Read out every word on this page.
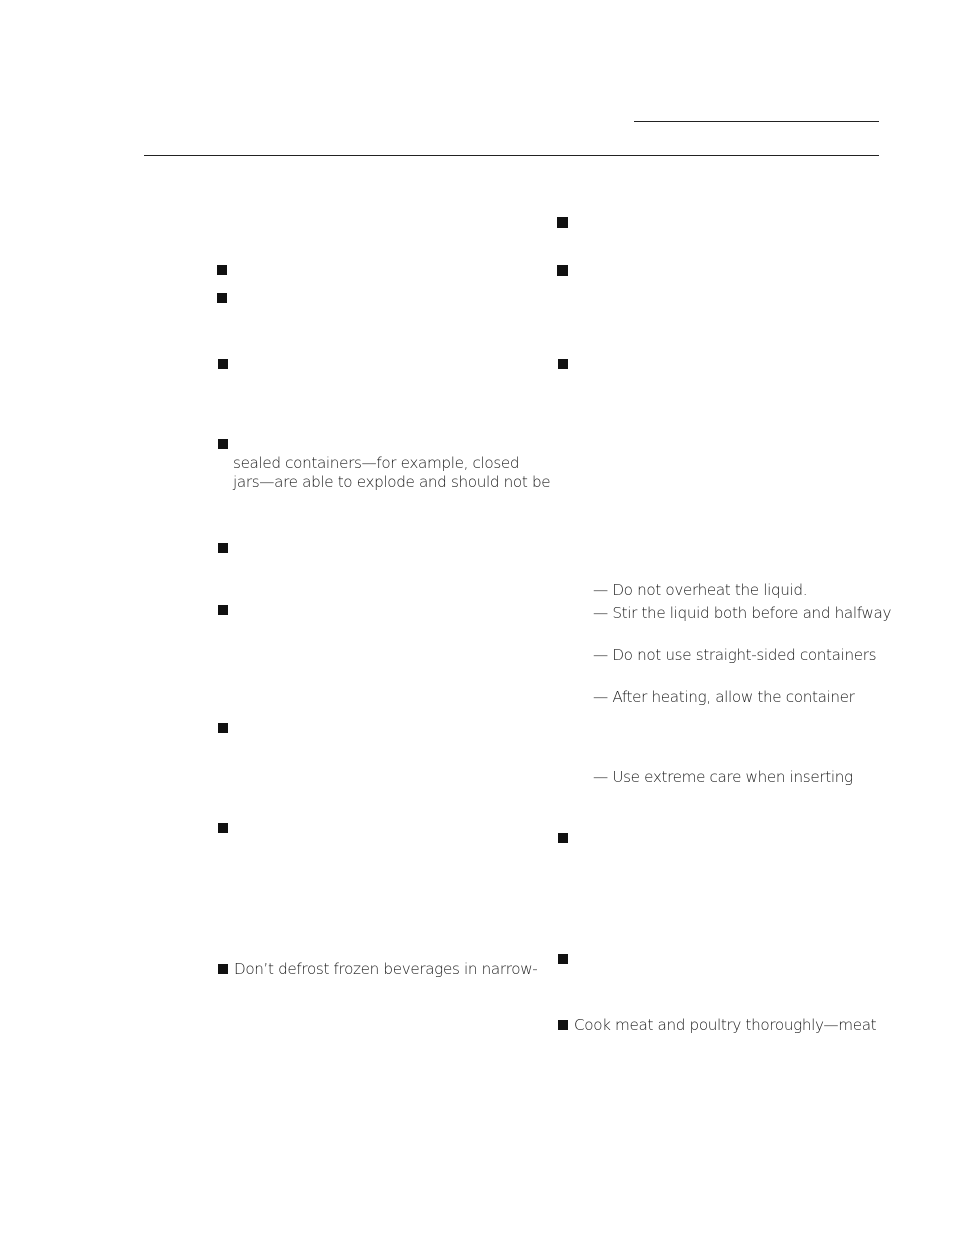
sealed containers—for example, closed
jars—are able to explode and should not be
Don’t defrost frozen beverages in narrow-
— Do not overheat the liquid.
— Stir the liquid both before and halfway
— Do not use straight-sided containers
— After heating, allow the container
— Use extreme care when inserting
Cook meat and poultry thoroughly—meat
